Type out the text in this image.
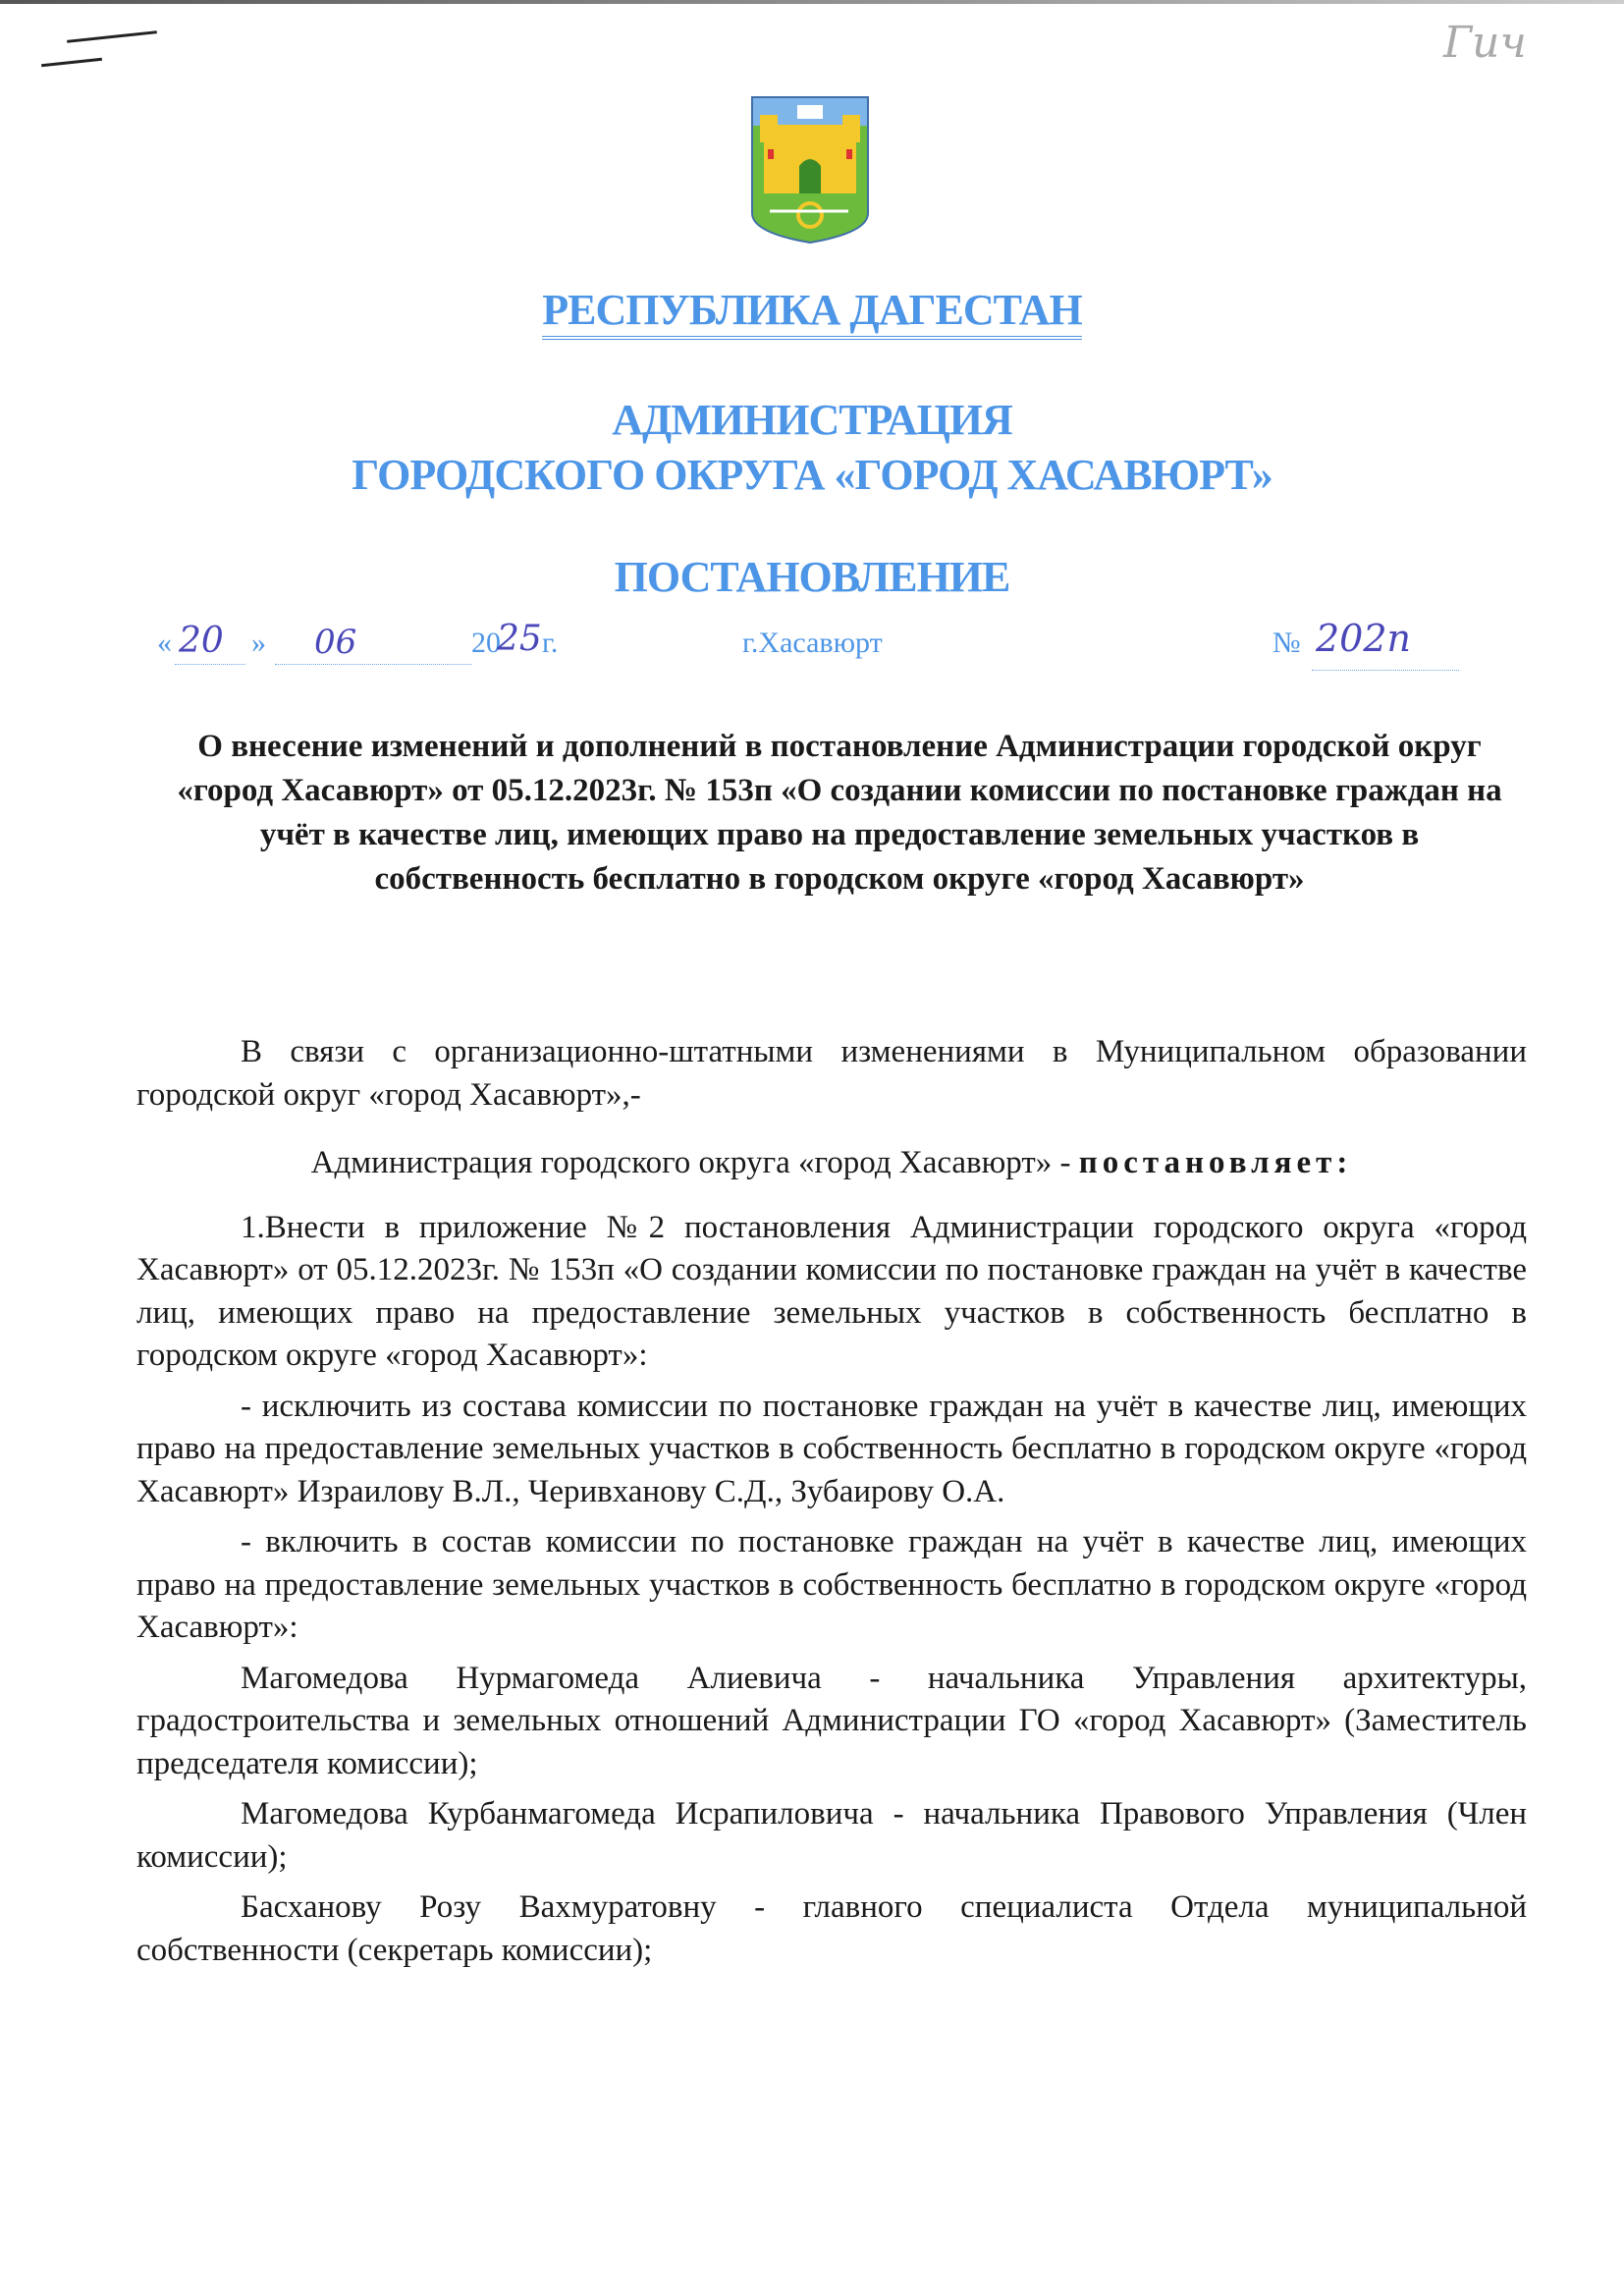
Гич
РЕСПУБЛИКА ДАГЕСТАН
АДМИНИСТРАЦИЯ
ГОРОДСКОГО ОКРУГА «ГОРОД ХАСАВЮРТ»
ПОСТАНОВЛЕНИЕ
« 20 » 06	20
25 г.	г.Хасавюрт	№ 202п
О внесение изменений и дополнений в постановление Администрации городской округ «город Хасавюрт» от 05.12.2023г. № 153п «О создании комиссии по постановке граждан на учёт в качестве лиц, имеющих право на предоставление земельных участков в собственность бесплатно в городском округе «город Хасавюрт»

В связи с организационно-штатными изменениями в Муниципальном образовании городской округ «город Хасавюрт»,-

Администрация городского округа «город Хасавюрт» - постановляет:

1.Внести в приложение №2 постановления Администрации городского округа «город Хасавюрт» от 05.12.2023г. № 153п «О создании комиссии по постановке граждан на учёт в качестве лиц, имеющих право на предоставление земельных участков в собственность бесплатно в городском округе «город Хасавюрт»:

- исключить из состава комиссии по постановке граждан на учёт в качестве лиц, имеющих право на предоставление земельных участков в собственность бесплатно в городском округе «город Хасавюрт» Израилову В.Л., Черивханову С.Д., Зубаирову О.А.

- включить в состав комиссии по постановке граждан на учёт в качестве лиц, имеющих право на предоставление земельных участков в собственность бесплатно в городском округе «город Хасавюрт»:

Магомедова Нурмагомеда Алиевича - начальника Управления архитектуры, градостроительства и земельных отношений Администрации ГО «город Хасавюрт» (Заместитель председателя комиссии);

Магомедова Курбанмагомеда Исрапиловича - начальника Правового Управления (Член комиссии);

Басханову Розу Вахмуратовну - главного специалиста Отдела муниципальной собственности (секретарь комиссии);
